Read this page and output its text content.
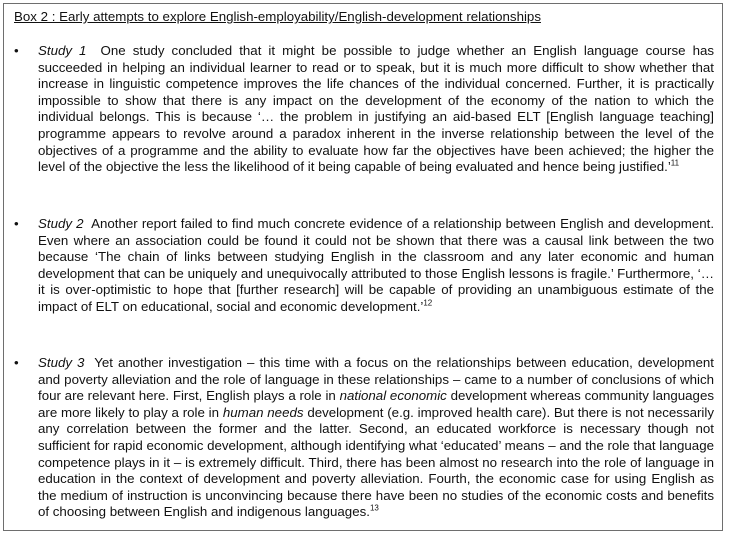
Box 2 : Early attempts to explore English-employability/English-development relationships
• Study 1 One study concluded that it might be possible to judge whether an English language course has succeeded in helping an individual learner to read or to speak, but it is much more difficult to show whether that increase in linguistic competence improves the life chances of the individual concerned. Further, it is practically impossible to show that there is any impact on the development of the economy of the nation to which the individual belongs. This is because ‘… the problem in justifying an aid-based ELT [English language teaching] programme appears to revolve around a paradox inherent in the inverse relationship between the level of the objectives of a programme and the ability to evaluate how far the objectives have been achieved; the higher the level of the objective the less the likelihood of it being capable of being evaluated and hence being justified.’$^{11}$
• Study 2 Another report failed to find much concrete evidence of a relationship between English and development. Even where an association could be found it could not be shown that there was a causal link between the two because ‘The chain of links between studying English in the classroom and any later economic and human development that can be uniquely and unequivocally attributed to those English lessons is fragile.’ Furthermore, ‘… it is over-optimistic to hope that [further research] will be capable of providing an unambiguous estimate of the impact of ELT on educational, social and economic development.’$^{12}$
• Study 3 Yet another investigation – this time with a focus on the relationships between education, development and poverty alleviation and the role of language in these relationships – came to a number of conclusions of which four are relevant here. First, English plays a role in national economic development whereas community languages are more likely to play a role in human needs development (e.g. improved health care). But there is not necessarily any correlation between the former and the latter. Second, an educated workforce is necessary though not sufficient for rapid economic development, although identifying what ‘educated’ means – and the role that language competence plays in it – is extremely difficult. Third, there has been almost no research into the role of language in education in the context of development and poverty alleviation. Fourth, the economic case for using English as the medium of instruction is unconvincing because there have been no studies of the economic costs and benefits of choosing between English and indigenous languages.$^{13}$
